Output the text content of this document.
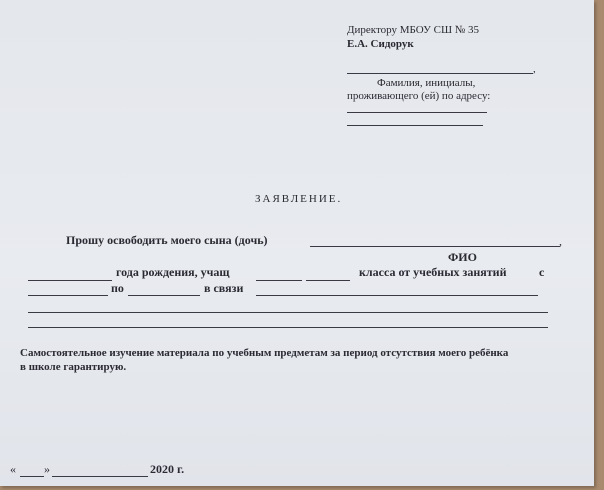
Директору МБОУ СШ № 35
Е.А. Сидорук
,
Фамилия, инициалы,
проживающего (ей) по адресу:
ЗАЯВЛЕНИЕ.
Прошу освободить моего сына (дочь)	,
ФИО
года рождения, учащ	класса от учебных занятий	с
по	в связи
Самостоятельное изучение материала по учебным предметам за период отсутствия моего ребёнка
в школе гарантирую.
« »	2020 г.
